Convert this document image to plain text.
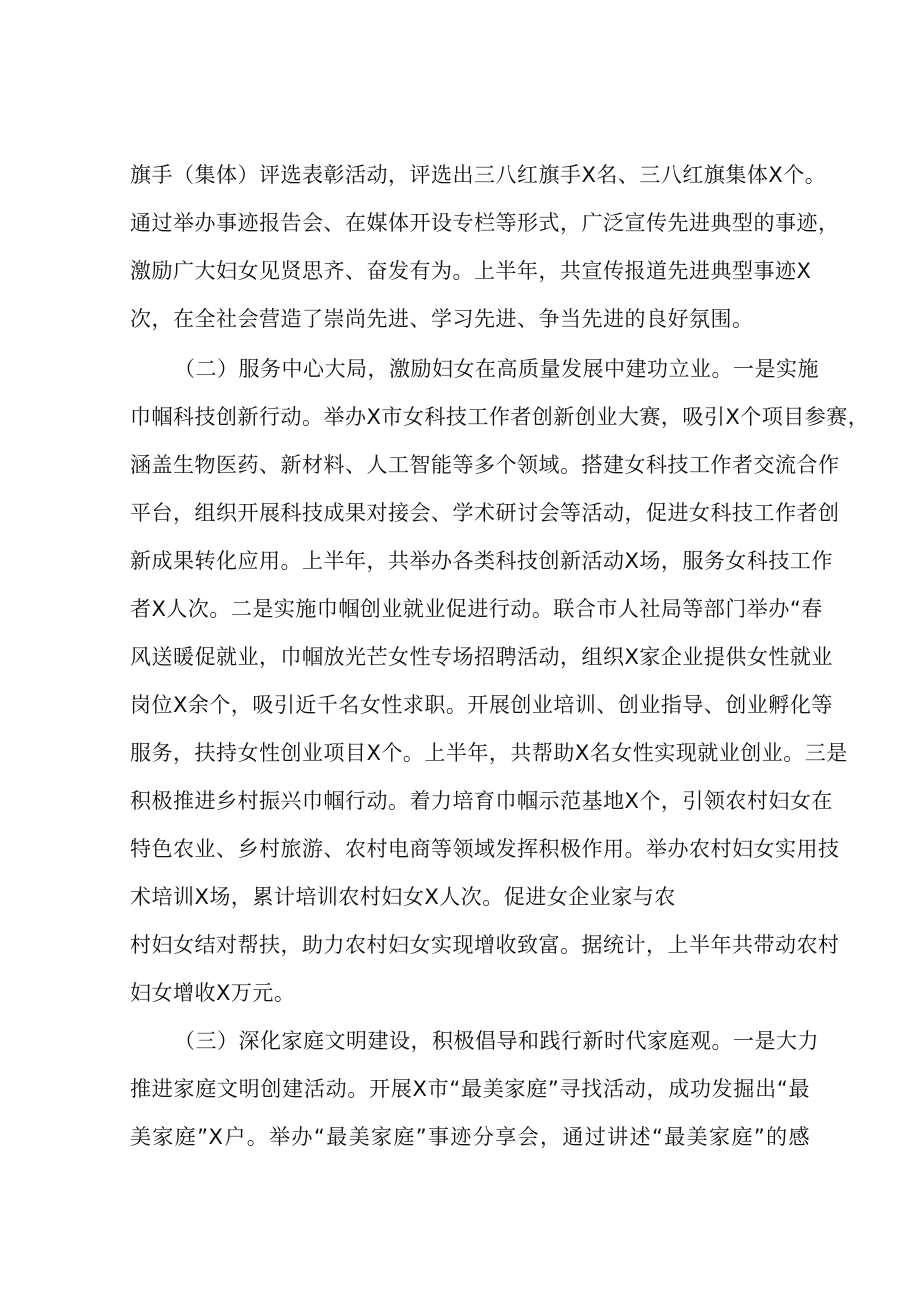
旗手（集体）评选表彰活动，评选出三八红旗手X名、三八红旗集体X个。
通过举办事迹报告会、在媒体开设专栏等形式，广泛宣传先进典型的事迹，
激励广大妇女见贤思齐、奋发有为。上半年，共宣传报道先进典型事迹X
次，在全社会营造了崇尚先进、学习先进、争当先进的良好氛围。
（二）服务中心大局，激励妇女在高质量发展中建功立业。一是实施
巾帼科技创新行动。举办X市女科技工作者创新创业大赛，吸引X个项目参赛，
涵盖生物医药、新材料、人工智能等多个领域。搭建女科技工作者交流合作
平台，组织开展科技成果对接会、学术研讨会等活动，促进女科技工作者创
新成果转化应用。上半年，共举办各类科技创新活动X场，服务女科技工作
者X人次。二是实施巾帼创业就业促进行动。联合市人社局等部门举办“春
风送暖促就业，巾帼放光芒女性专场招聘活动，组织X家企业提供女性就业
岗位X余个，吸引近千名女性求职。开展创业培训、创业指导、创业孵化等
服务，扶持女性创业项目X个。上半年，共帮助X名女性实现就业创业。三是
积极推进乡村振兴巾帼行动。着力培育巾帼示范基地X个，引领农村妇女在
特色农业、乡村旅游、农村电商等领域发挥积极作用。举办农村妇女实用技
术培训X场，累计培训农村妇女X人次。促进女企业家与农
村妇女结对帮扶，助力农村妇女实现增收致富。据统计，上半年共带动农村
妇女增收X万元。
（三）深化家庭文明建设，积极倡导和践行新时代家庭观。一是大力
推进家庭文明创建活动。开展X市“最美家庭”寻找活动，成功发掘出“最
美家庭”X户。举办“最美家庭”事迹分享会，通过讲述“最美家庭”的感
